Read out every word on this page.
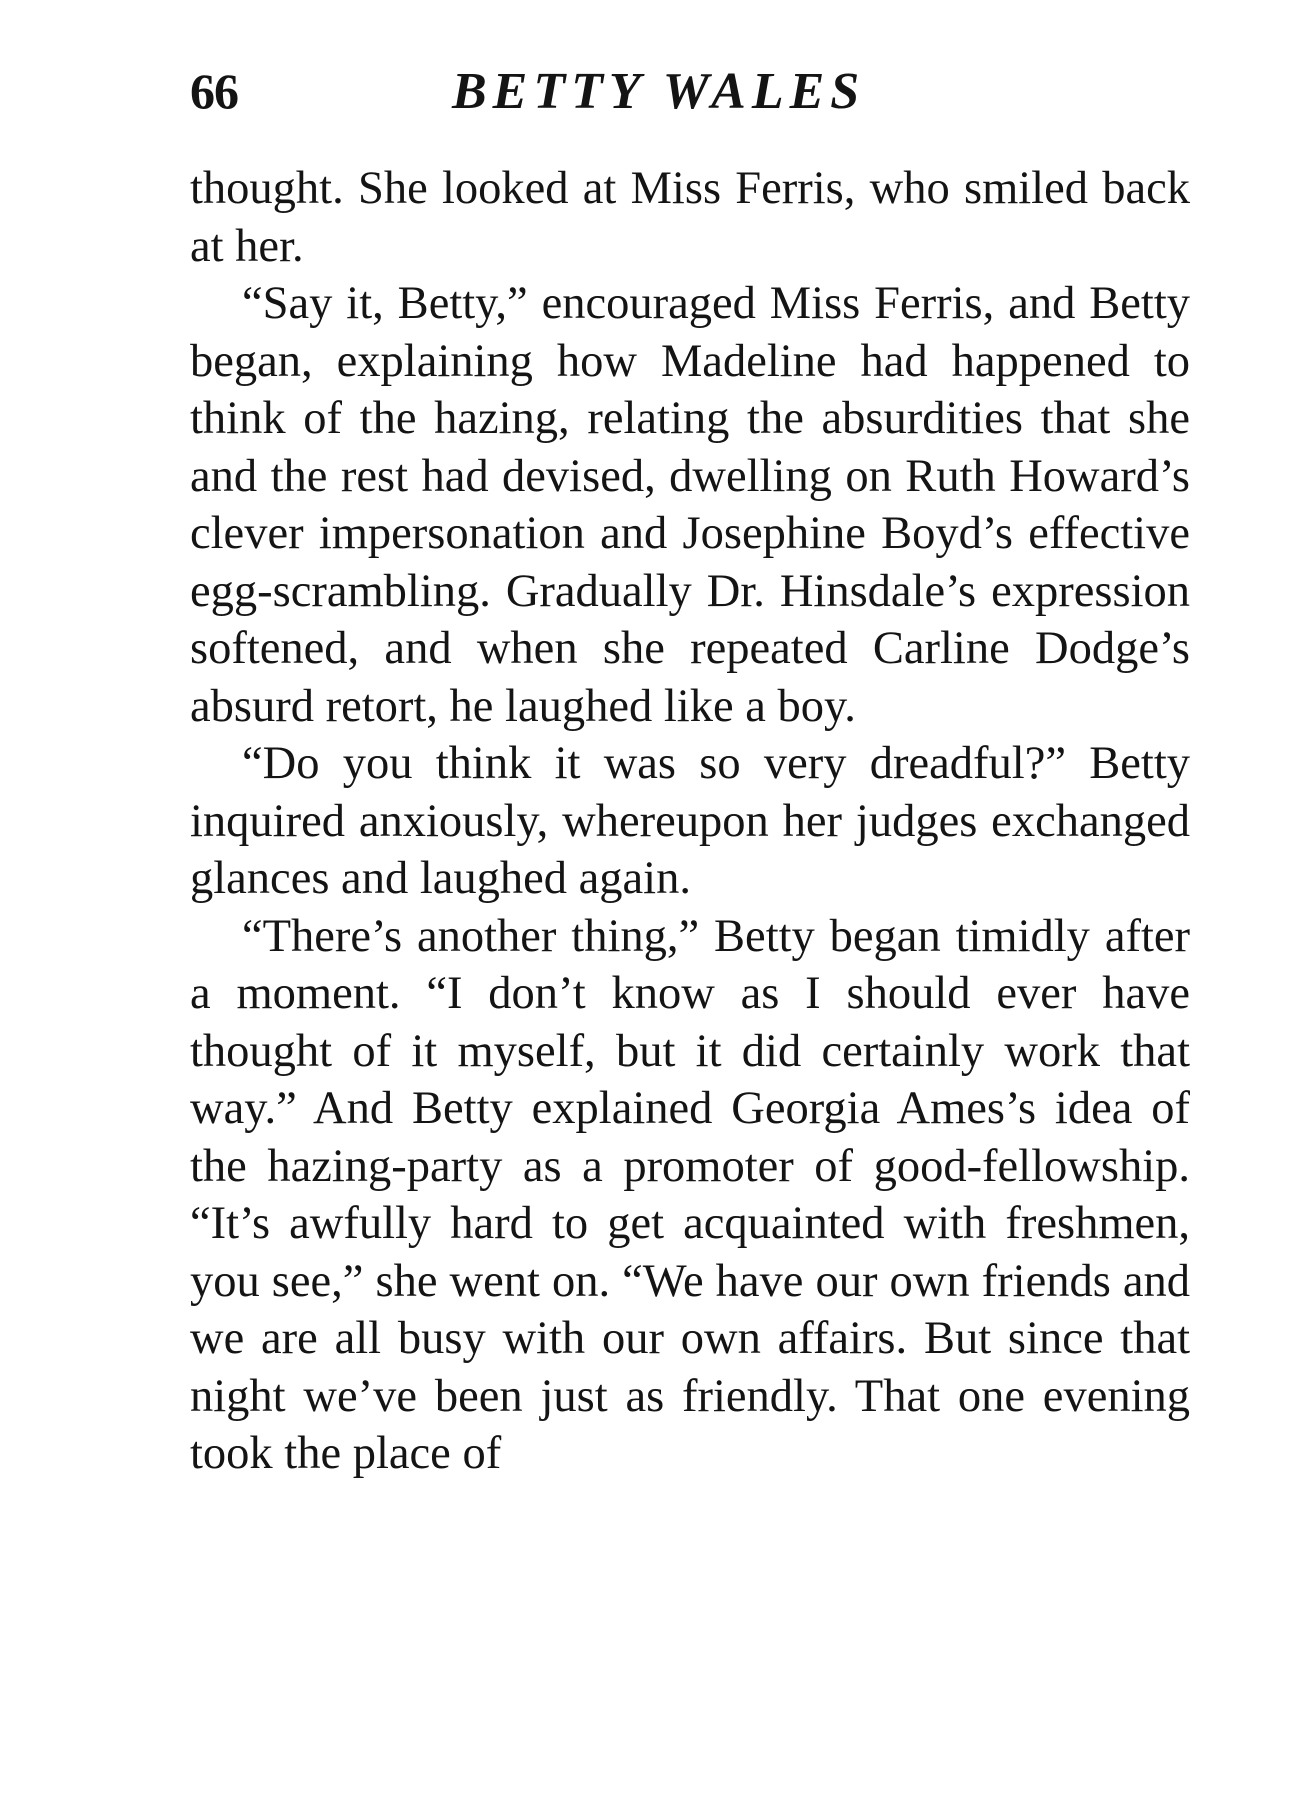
66	BETTY WALES

thought. She looked at Miss Ferris, who smiled back at her.

“Say it, Betty,” encouraged Miss Ferris, and Betty began, explaining how Madeline had happened to think of the hazing, relating the absurdities that she and the rest had devised, dwelling on Ruth Howard’s clever impersonation and Josephine Boyd’s effective egg-scrambling. Gradually Dr. Hinsdale’s expression softened, and when she repeated Carline Dodge’s absurd retort, he laughed like a boy.

“Do you think it was so very dreadful?” Betty inquired anxiously, whereupon her judges exchanged glances and laughed again.

“There’s another thing,” Betty began timidly after a moment. “I don’t know as I should ever have thought of it myself, but it did certainly work that way.” And Betty explained Georgia Ames’s idea of the hazing-party as a promoter of good-fellowship. “It’s awfully hard to get acquainted with freshmen, you see,” she went on. “We have our own friends and we are all busy with our own affairs. But since that night we’ve been just as friendly. That one evening took the place of
